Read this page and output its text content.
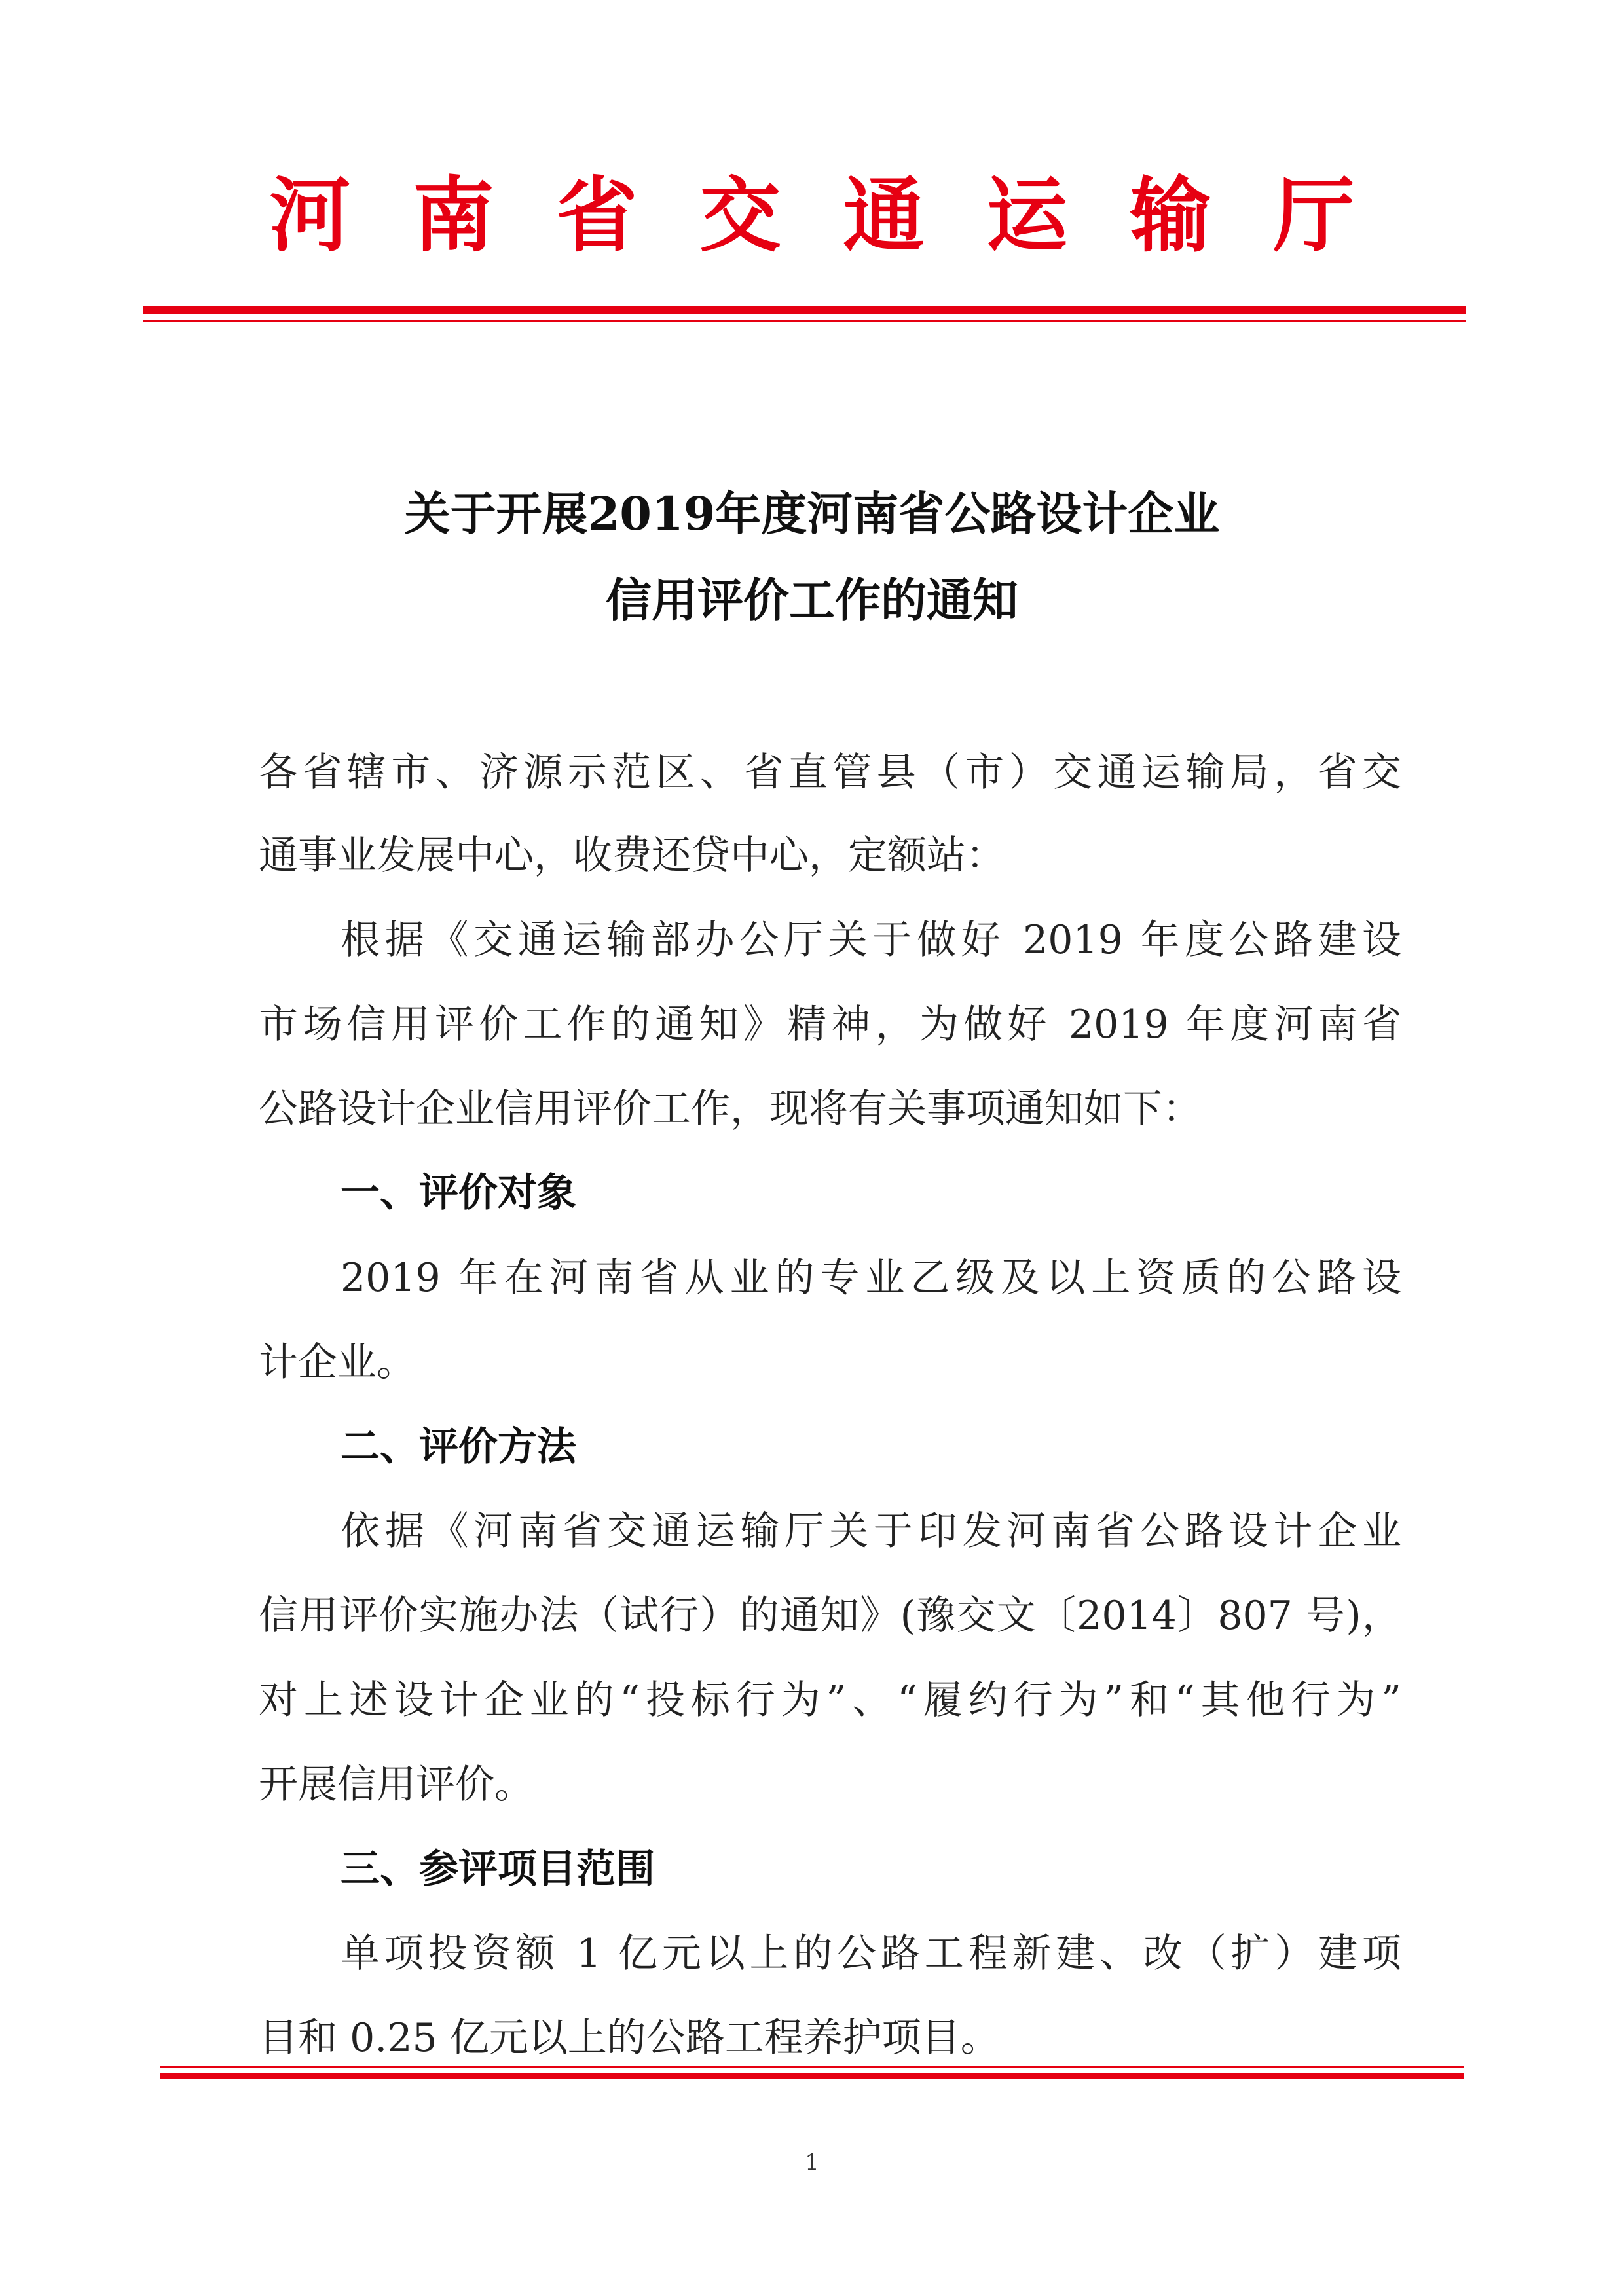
河南省交通运输厅
关于开展2019年度河南省公路设计企业
信用评价工作的通知
各省辖市、济源示范区、省直管县（市）交通运输局，省交
通事业发展中心，收费还贷中心，定额站：
根据《交通运输部办公厅关于做好 2019 年度公路建设
市场信用评价工作的通知》精神，为做好 2019 年度河南省
公路设计企业信用评价工作，现将有关事项通知如下：
一、评价对象
2019 年在河南省从业的专业乙级及以上资质的公路设
计企业。
二、评价方法
依据《河南省交通运输厅关于印发河南省公路设计企业
信用评价实施办法（试行）的通知》(豫交文〔2014〕807 号)，
对上述设计企业的“投标行为”、“履约行为”和“其他行为”
开展信用评价。
三、参评项目范围
单项投资额 1 亿元以上的公路工程新建、改（扩）建项
目和 0.25 亿元以上的公路工程养护项目。
1
